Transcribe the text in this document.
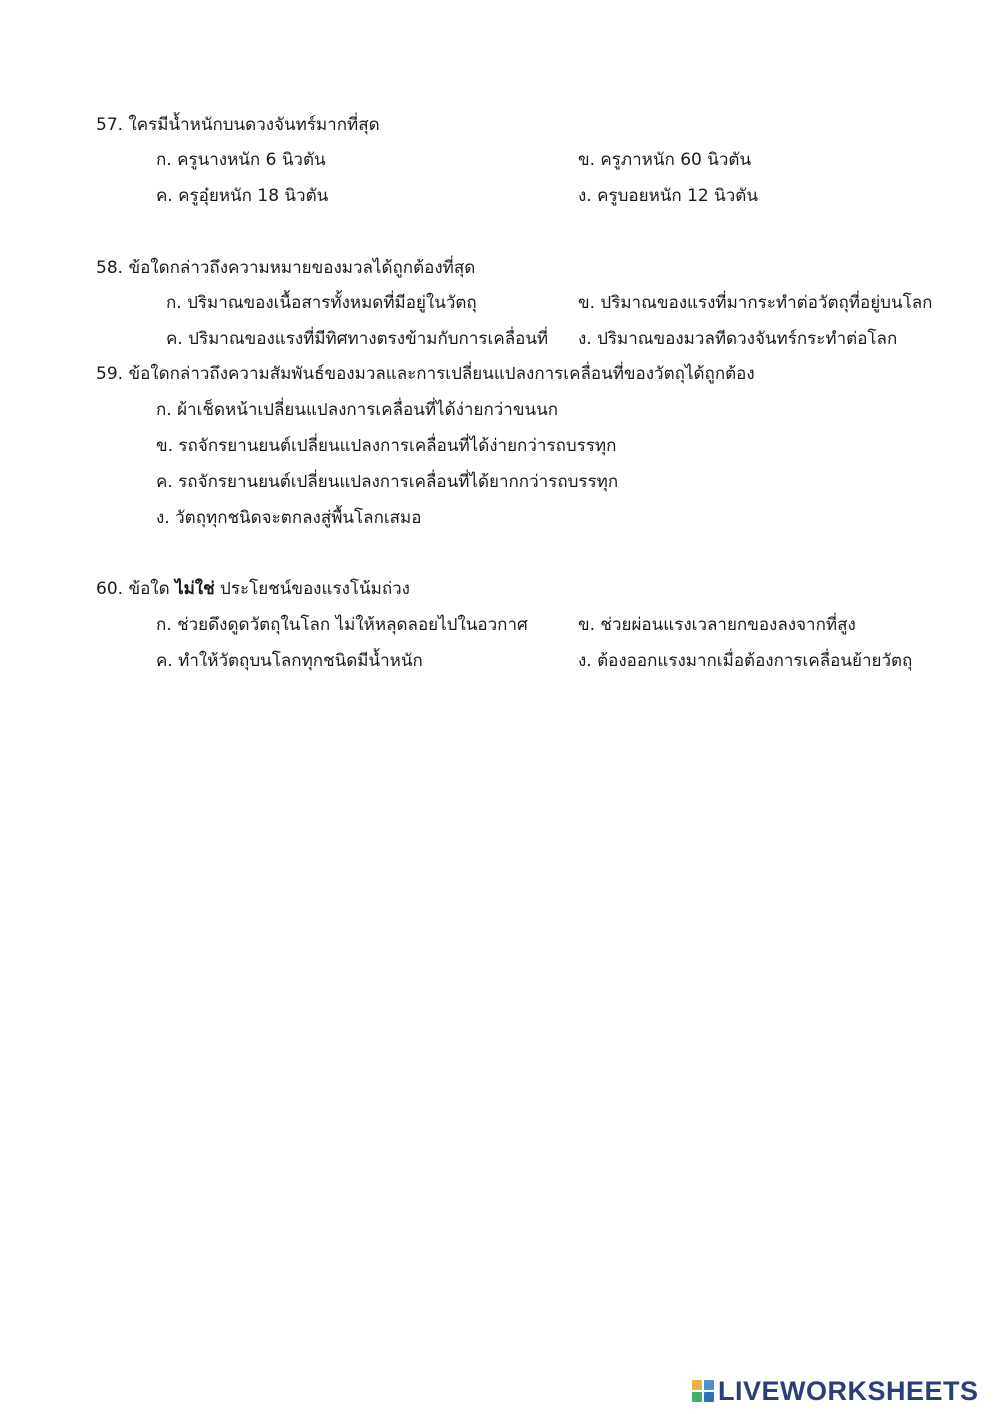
57. ใครมีน้ำหนักบนดวงจันทร์มากที่สุด
ก. ครูนางหนัก 6 นิวตัน	ข. ครูภาหนัก 60 นิวตัน
ค. ครูอุ๋ยหนัก 18 นิวตัน	ง. ครูบอยหนัก 12 นิวตัน
58. ข้อใดกล่าวถึงความหมายของมวลได้ถูกต้องที่สุด
ก. ปริมาณของเนื้อสารทั้งหมดที่มีอยู่ในวัตถุ	ข. ปริมาณของแรงที่มากระทำต่อวัตถุที่อยู่บนโลก
ค. ปริมาณของแรงที่มีทิศทางตรงข้ามกับการเคลื่อนที่ ง. ปริมาณของมวลทีดวงจันทร์กระทำต่อโลก
59. ข้อใดกล่าวถึงความสัมพันธ์ของมวลและการเปลี่ยนแปลงการเคลื่อนที่ของวัตถุได้ถูกต้อง
ก. ผ้าเช็ดหน้าเปลี่ยนแปลงการเคลื่อนที่ได้ง่ายกว่าขนนก
ข. รถจักรยานยนต์เปลี่ยนแปลงการเคลื่อนที่ได้ง่ายกว่ารถบรรทุก
ค. รถจักรยานยนต์เปลี่ยนแปลงการเคลื่อนที่ได้ยากกว่ารถบรรทุก
ง. วัตถุทุกชนิดจะตกลงสู่พื้นโลกเสมอ
60. ข้อใด ไม่ใช่ ประโยชน์ของแรงโน้มถ่วง
ก. ช่วยดึงดูดวัตถุในโลก ไม่ให้หลุดลอยไปในอวกาศ	ข. ช่วยผ่อนแรงเวลายกของลงจากที่สูง
ค. ทำให้วัตถุบนโลกทุกชนิดมีน้ำหนัก	ง. ต้องออกแรงมากเมื่อต้องการเคลื่อนย้ายวัตถุ
LIVEWORKSHEETS
